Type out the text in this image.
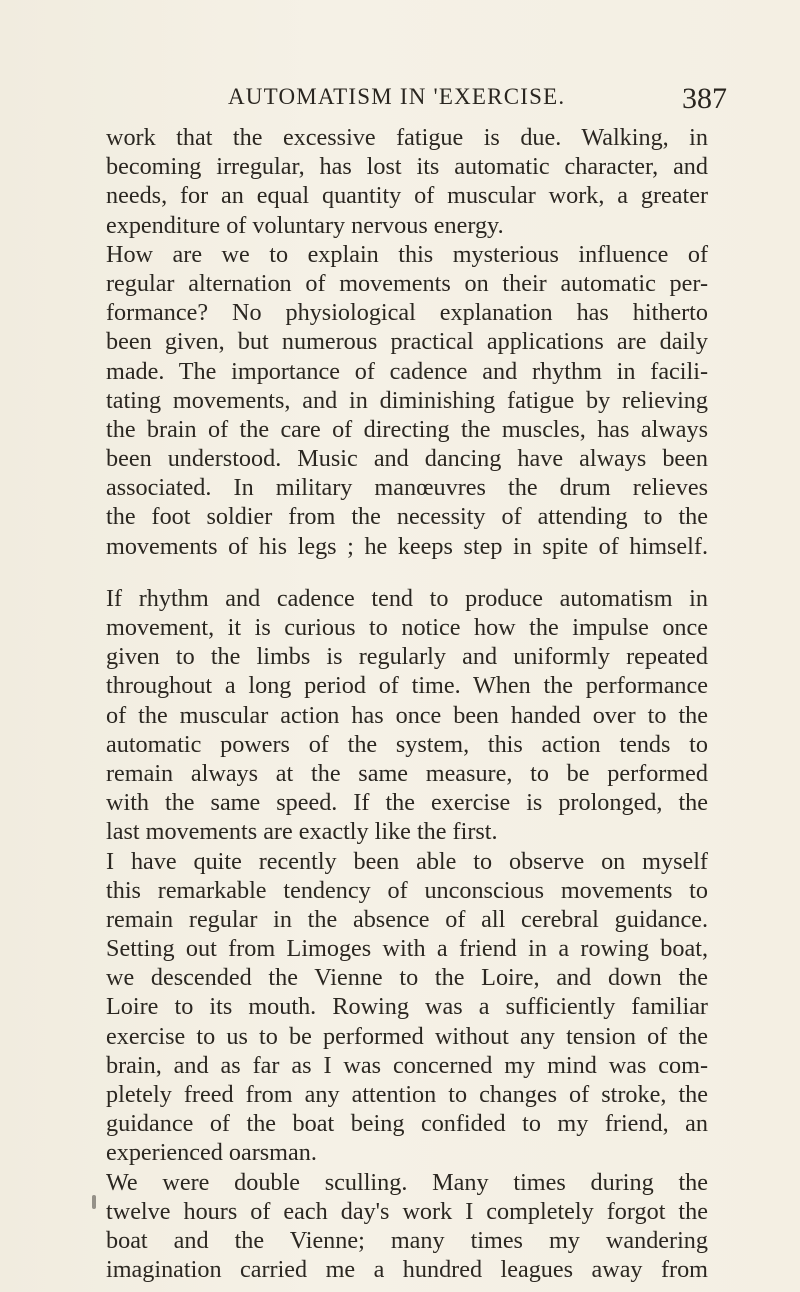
AUTOMATISM IN 'EXERCISE.	387
work that the excessive fatigue is due. Walking, in
becoming irregular, has lost its automatic character, and
needs, for an equal quantity of muscular work, a greater
expenditure of voluntary nervous energy.
How are we to explain this mysterious influence of
regular alternation of movements on their automatic per-
formance? No physiological explanation has hitherto
been given, but numerous practical applications are daily
made. The importance of cadence and rhythm in facili-
tating movements, and in diminishing fatigue by relieving
the brain of the care of directing the muscles, has always
been understood. Music and dancing have always been
associated. In military manœuvres the drum relieves
the foot soldier from the necessity of attending to the
movements of his legs ; he keeps step in spite of himself.
If rhythm and cadence tend to produce automatism in
movement, it is curious to notice how the impulse once
given to the limbs is regularly and uniformly repeated
throughout a long period of time. When the performance
of the muscular action has once been handed over to the
automatic powers of the system, this action tends to
remain always at the same measure, to be performed
with the same speed. If the exercise is prolonged, the
last movements are exactly like the first.
I have quite recently been able to observe on myself
this remarkable tendency of unconscious movements to
remain regular in the absence of all cerebral guidance.
Setting out from Limoges with a friend in a rowing boat,
we descended the Vienne to the Loire, and down the
Loire to its mouth. Rowing was a sufficiently familiar
exercise to us to be performed without any tension of the
brain, and as far as I was concerned my mind was com-
pletely freed from any attention to changes of stroke, the
guidance of the boat being confided to my friend, an
experienced oarsman.
We were double sculling. Many times during the
twelve hours of each day's work I completely forgot the
boat and the Vienne; many times my wandering
imagination carried me a hundred leagues away from
